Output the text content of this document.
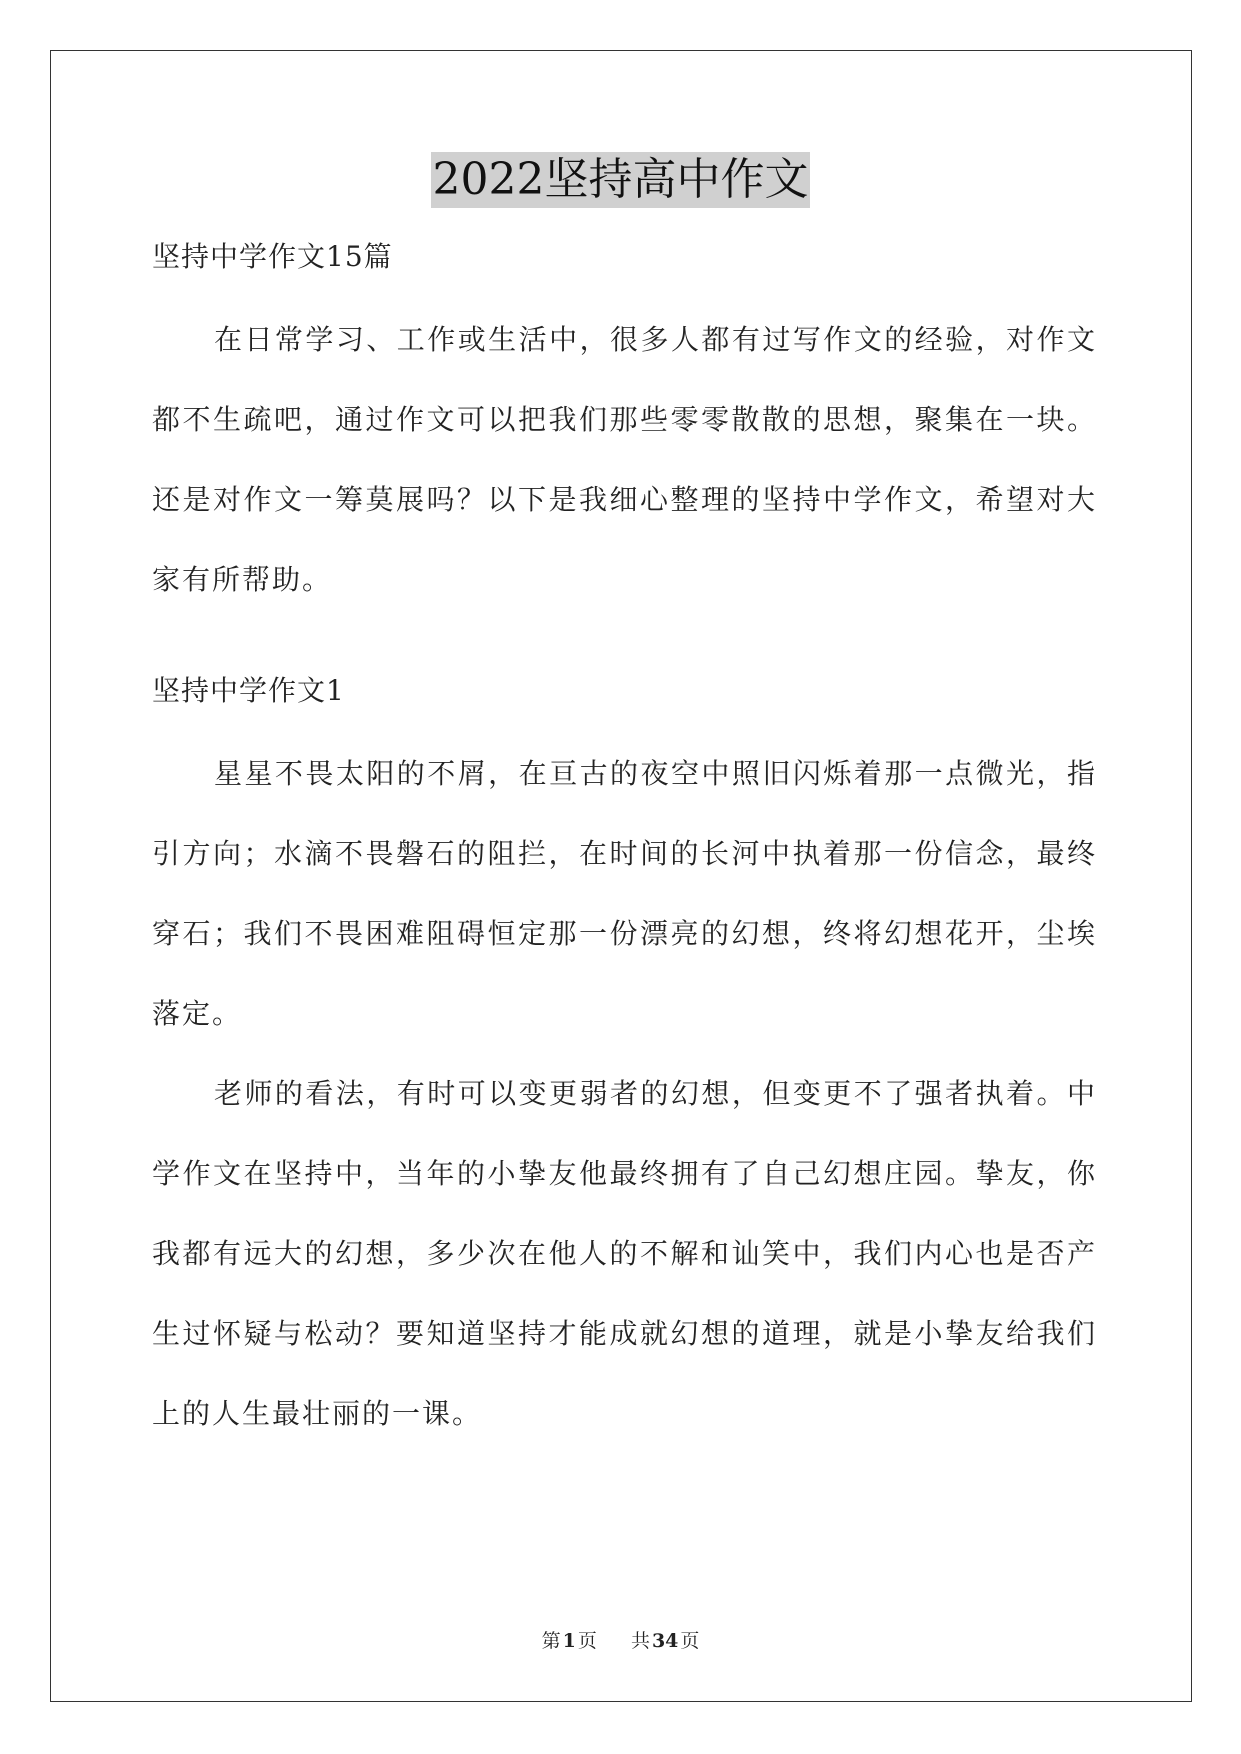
2022坚持高中作文

坚持中学作文15篇

在日常学习、工作或生活中，很多人都有过写作文的经验，对作文都不生疏吧，通过作文可以把我们那些零零散散的思想，聚集在一块。还是对作文一筹莫展吗？以下是我细心整理的坚持中学作文，希望对大家有所帮助。

坚持中学作文1

星星不畏太阳的不屑，在亘古的夜空中照旧闪烁着那一点微光，指引方向；水滴不畏磐石的阻拦，在时间的长河中执着那一份信念，最终穿石；我们不畏困难阻碍恒定那一份漂亮的幻想，终将幻想花开，尘埃落定。

老师的看法，有时可以变更弱者的幻想，但变更不了强者执着。中学作文在坚持中，当年的小挚友他最终拥有了自己幻想庄园。挚友，你我都有远大的幻想，多少次在他人的不解和讪笑中，我们内心也是否产生过怀疑与松动？要知道坚持才能成就幻想的道理，就是小挚友给我们上的人生最壮丽的一课。

第 1 页 共 34 页
